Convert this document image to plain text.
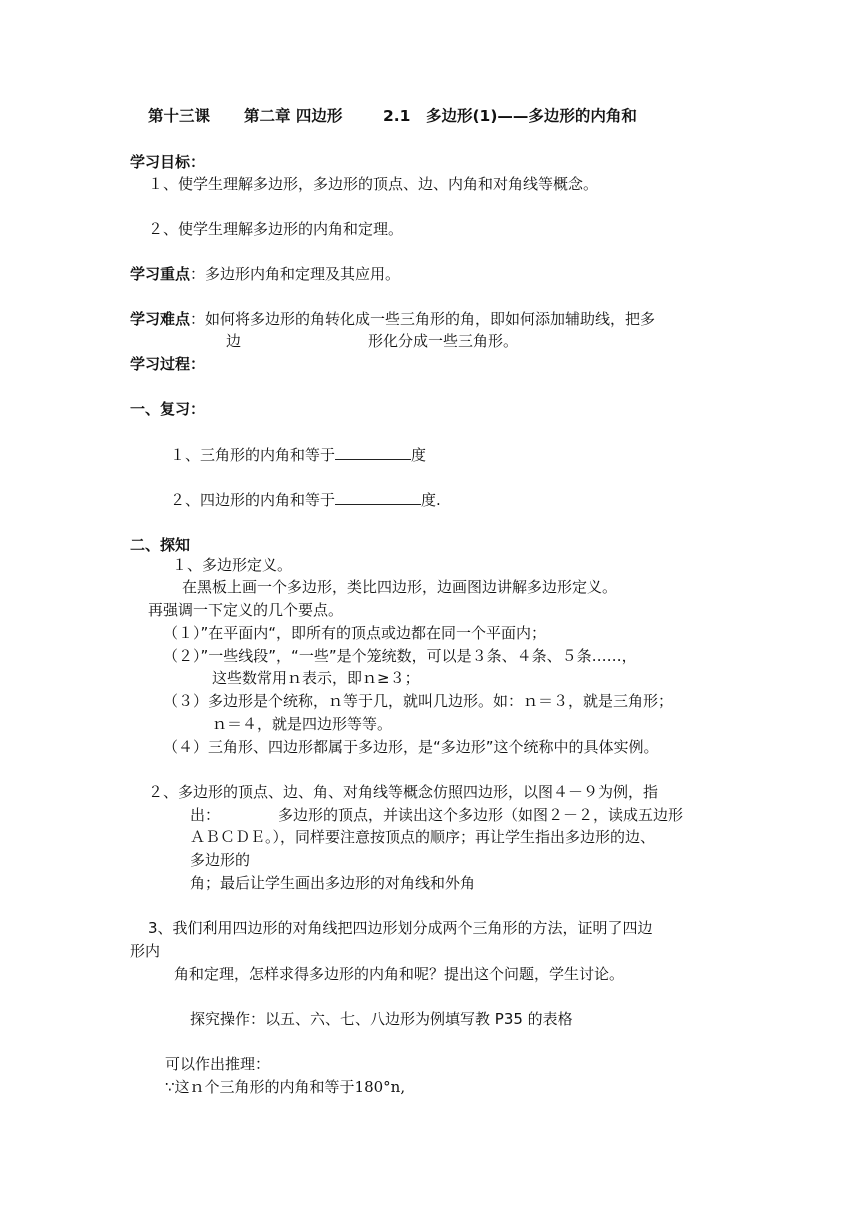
第十三课 第二章 四边形	2.1　多边形(1)——多边形的内角和
学习目标：
１、使学生理解多边形，多边形的顶点、边、内角和对角线等概念。
２、使学生理解多边形的内角和定理。
学习重点：多边形内角和定理及其应用。
学习难点：如何将多边形的角转化成一些三角形的角，即如何添加辅助线，把多
边	形化分成一些三角形。
学习过程：
一、复习：
１、三角形的内角和等于	度
２、四边形的内角和等于	度.
二、探知
１、多边形定义。
在黑板上画一个多边形，类比四边形，边画图边讲解多边形定义。
再强调一下定义的几个要点。
（１）”在平面内“，即所有的顶点或边都在同一个平面内；
（２）”一些线段”，“一些”是个笼统数，可以是３条、４条、５条……，
这些数常用ｎ表示，即ｎ≥３；
（３）多边形是个统称，ｎ等于几，就叫几边形。如：ｎ＝３，就是三角形；
ｎ＝４，就是四边形等等。
（４）三角形、四边形都属于多边形，是“多边形”这个统称中的具体实例。
２、多边形的顶点、边、角、对角线等概念仿照四边形，以图４－９为例，指
出：	多边形的顶点，并读出这个多边形（如图２－２，读成五边形
ＡＢＣＤＥ。），同样要注意按顶点的顺序；再让学生指出多边形的边、
多边形的
角；最后让学生画出多边形的对角线和外角
3、我们利用四边形的对角线把四边形划分成两个三角形的方法，证明了四边
形内
角和定理，怎样求得多边形的内角和呢？提出这个问题，学生讨论。
探究操作：以五、六、七、八边形为例填写教 P35 的表格
可以作出推理：
∵这ｎ个三角形的内角和等于180°n,
